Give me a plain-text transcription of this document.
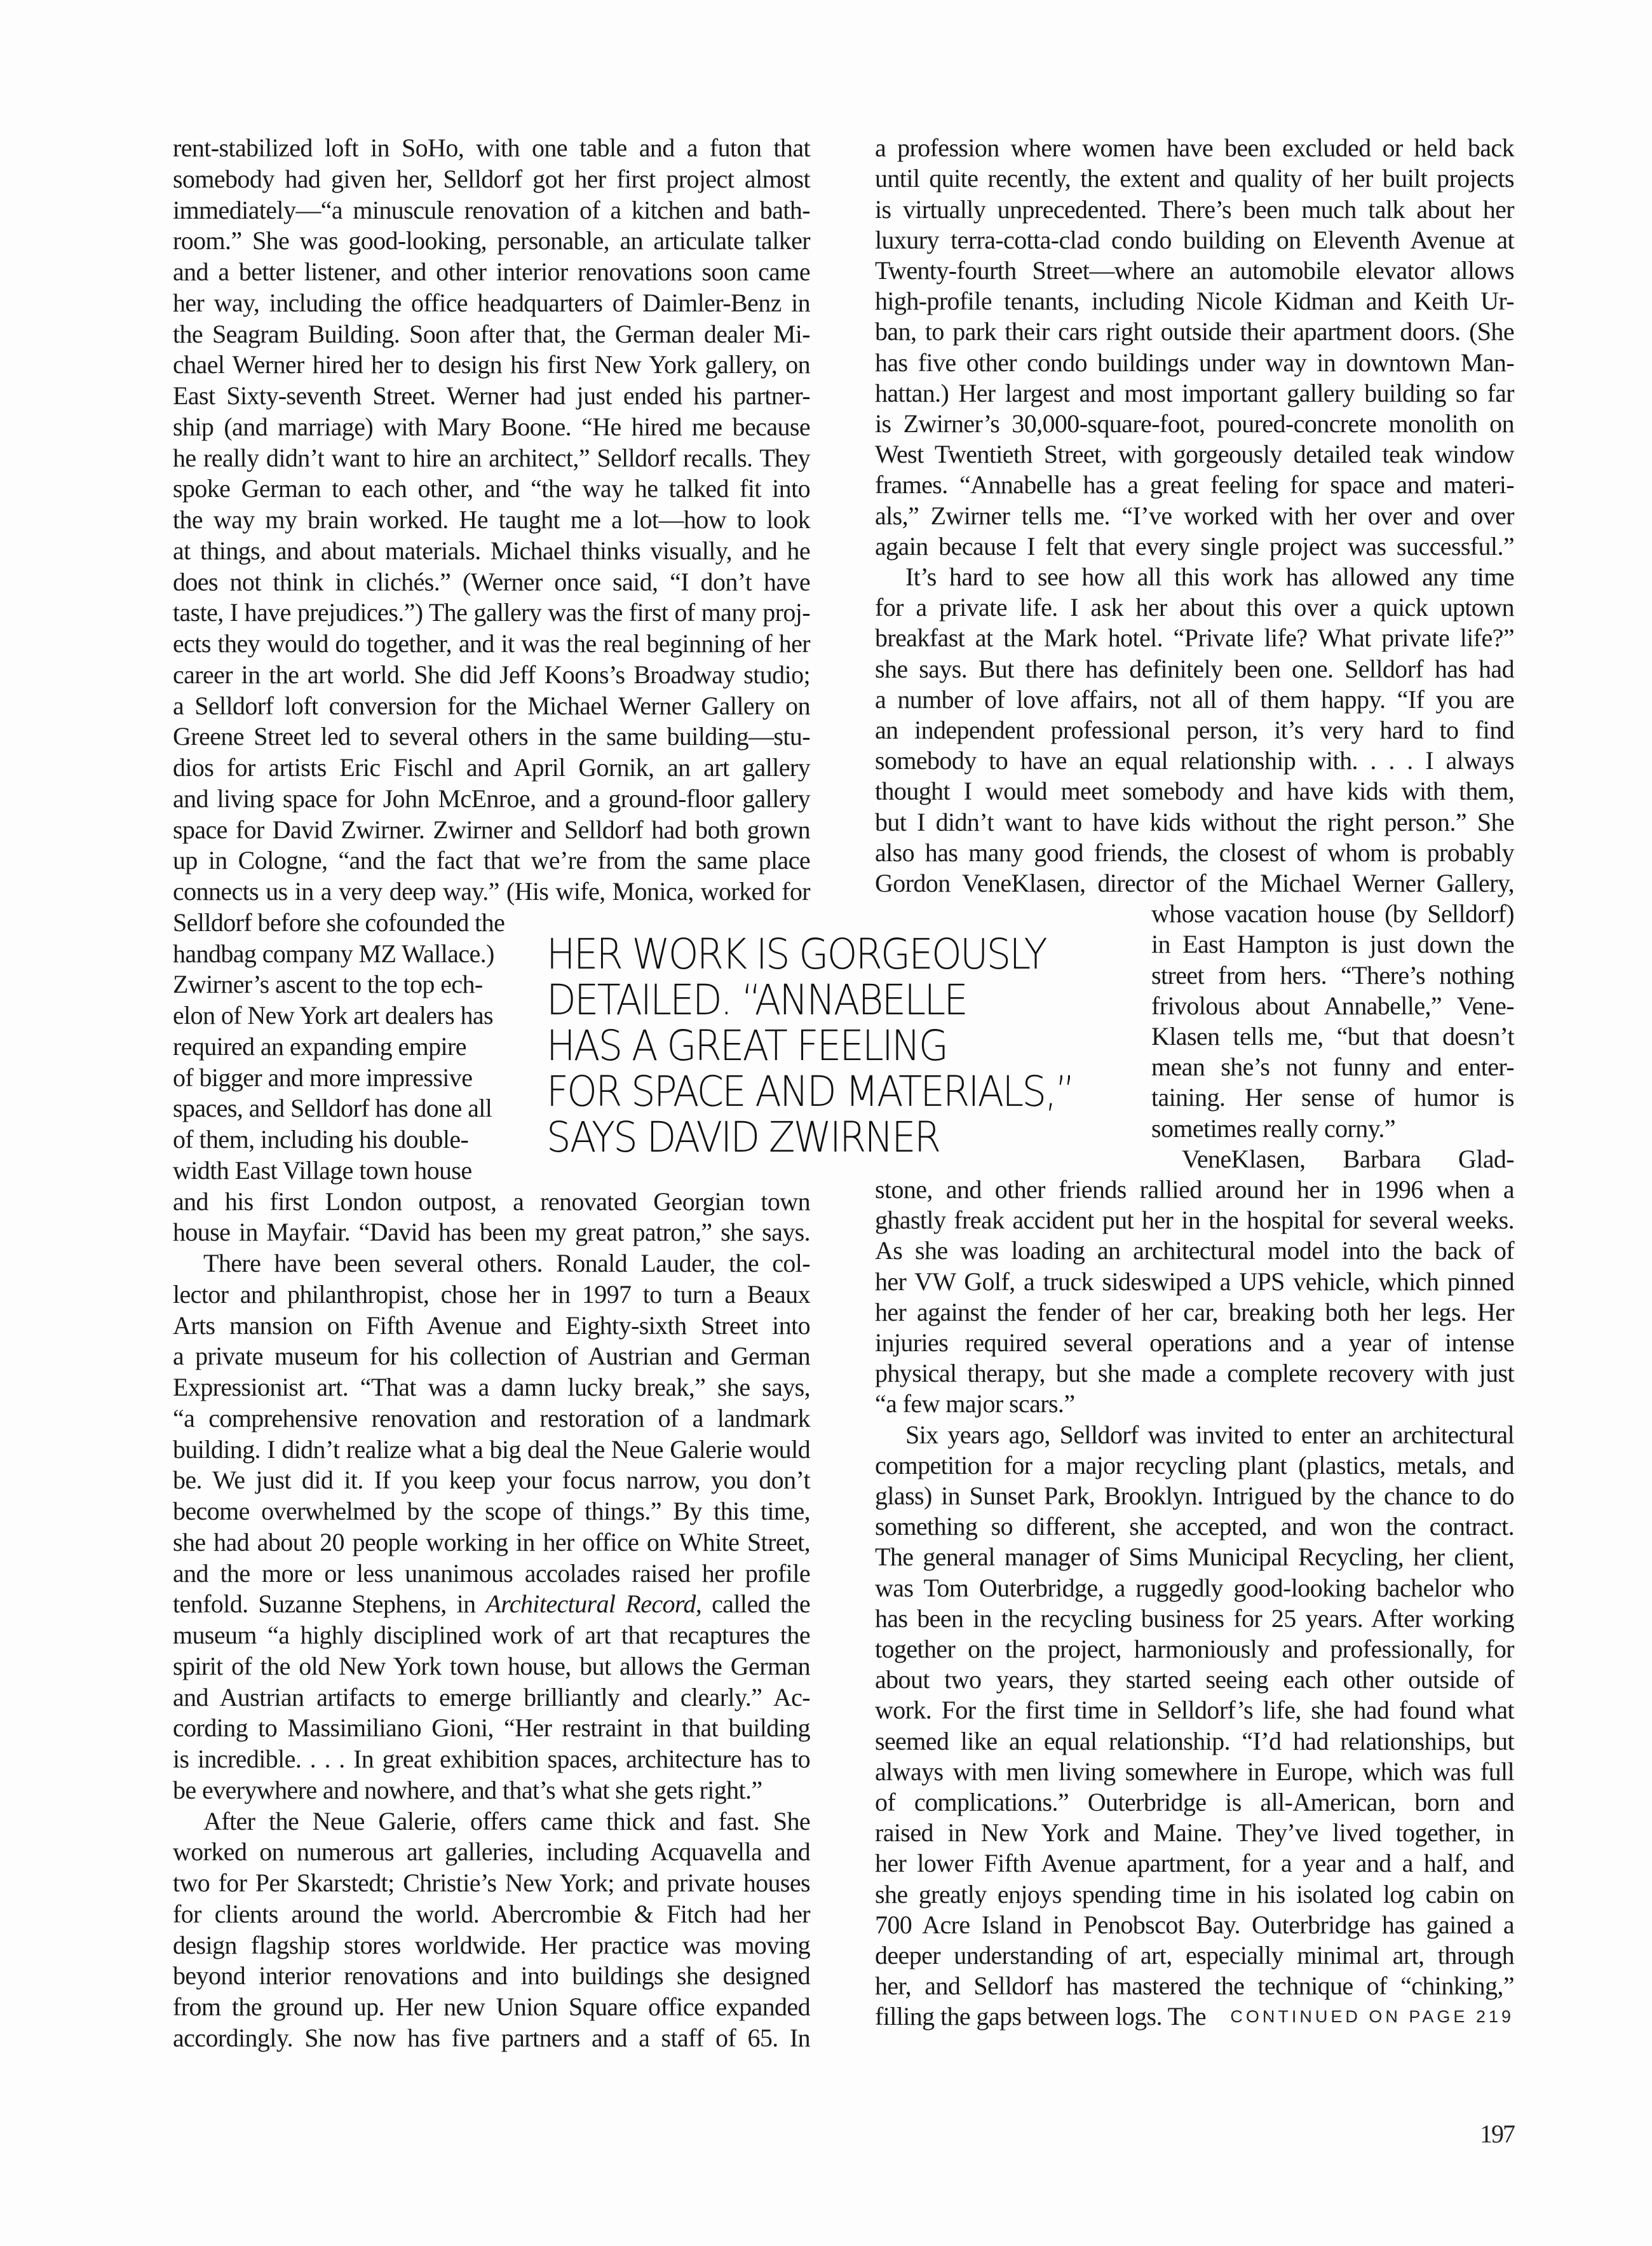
rent-stabilized loft in SoHo, with one table and a futon that
somebody had given her, Selldorf got her first project almost
immediately—“a minuscule renovation of a kitchen and bath-
room.” She was good-looking, personable, an articulate talker
and a better listener, and other interior renovations soon came
her way, including the office headquarters of Daimler-Benz in
the Seagram Building. Soon after that, the German dealer Mi-
chael Werner hired her to design his first New York gallery, on
East Sixty-seventh Street. Werner had just ended his partner-
ship (and marriage) with Mary Boone. “He hired me because
he really didn’t want to hire an architect,” Selldorf recalls. They
spoke German to each other, and “the way he talked fit into
the way my brain worked. He taught me a lot—how to look
at things, and about materials. Michael thinks visually, and he
does not think in clichés.” (Werner once said, “I don’t have
taste, I have prejudices.”) The gallery was the first of many proj-
ects they would do together, and it was the real beginning of her
career in the art world. She did Jeff Koons’s Broadway studio;
a Selldorf loft conversion for the Michael Werner Gallery on
Greene Street led to several others in the same building—stu-
dios for artists Eric Fischl and April Gornik, an art gallery
and living space for John McEnroe, and a ground-floor gallery
space for David Zwirner. Zwirner and Selldorf had both grown
up in Cologne, “and the fact that we’re from the same place
connects us in a very deep way.” (His wife, Monica, worked for
Selldorf before she cofounded the
handbag company MZ Wallace.)
Zwirner’s ascent to the top ech-
elon of New York art dealers has
required an expanding empire
of bigger and more impressive
spaces, and Selldorf has done all
of them, including his double-
width East Village town house
and his first London outpost, a renovated Georgian town
house in Mayfair. “David has been my great patron,” she says.
There have been several others. Ronald Lauder, the col-
lector and philanthropist, chose her in 1997 to turn a Beaux
Arts mansion on Fifth Avenue and Eighty-sixth Street into
a private museum for his collection of Austrian and German
Expressionist art. “That was a damn lucky break,” she says,
“a comprehensive renovation and restoration of a landmark
building. I didn’t realize what a big deal the Neue Galerie would
be. We just did it. If you keep your focus narrow, you don’t
become overwhelmed by the scope of things.” By this time,
she had about 20 people working in her office on White Street,
and the more or less unanimous accolades raised her profile
tenfold. Suzanne Stephens, in Architectural Record, called the
museum “a highly disciplined work of art that recaptures the
spirit of the old New York town house, but allows the German
and Austrian artifacts to emerge brilliantly and clearly.” Ac-
cording to Massimiliano Gioni, “Her restraint in that building
is incredible. . . . In great exhibition spaces, architecture has to
be everywhere and nowhere, and that’s what she gets right.”
After the Neue Galerie, offers came thick and fast. She
worked on numerous art galleries, including Acquavella and
two for Per Skarstedt; Christie’s New York; and private houses
for clients around the world. Abercrombie & Fitch had her
design flagship stores worldwide. Her practice was moving
beyond interior renovations and into buildings she designed
from the ground up. Her new Union Square office expanded
accordingly. She now has five partners and a staff of 65. In
a profession where women have been excluded or held back
until quite recently, the extent and quality of her built projects
is virtually unprecedented. There’s been much talk about her
luxury terra-cotta-clad condo building on Eleventh Avenue at
Twenty-fourth Street—where an automobile elevator allows
high-profile tenants, including Nicole Kidman and Keith Ur-
ban, to park their cars right outside their apartment doors. (She
has five other condo buildings under way in downtown Man-
hattan.) Her largest and most important gallery building so far
is Zwirner’s 30,000-square-foot, poured-concrete monolith on
West Twentieth Street, with gorgeously detailed teak window
frames. “Annabelle has a great feeling for space and materi-
als,” Zwirner tells me. “I’ve worked with her over and over
again because I felt that every single project was successful.”
It’s hard to see how all this work has allowed any time
for a private life. I ask her about this over a quick uptown
breakfast at the Mark hotel. “Private life? What private life?”
she says. But there has definitely been one. Selldorf has had
a number of love affairs, not all of them happy. “If you are
an independent professional person, it’s very hard to find
somebody to have an equal relationship with. . . . I always
thought I would meet somebody and have kids with them,
but I didn’t want to have kids without the right person.” She
also has many good friends, the closest of whom is probably
Gordon VeneKlasen, director of the Michael Werner Gallery,
whose vacation house (by Selldorf)
in East Hampton is just down the
street from hers. “There’s nothing
frivolous about Annabelle,” Vene-
Klasen tells me, “but that doesn’t
mean she’s not funny and enter-
taining. Her sense of humor is
sometimes really corny.”
VeneKlasen, Barbara Glad-
stone, and other friends rallied around her in 1996 when a
ghastly freak accident put her in the hospital for several weeks.
As she was loading an architectural model into the back of
her VW Golf, a truck sideswiped a UPS vehicle, which pinned
her against the fender of her car, breaking both her legs. Her
injuries required several operations and a year of intense
physical therapy, but she made a complete recovery with just
“a few major scars.”
Six years ago, Selldorf was invited to enter an architectural
competition for a major recycling plant (plastics, metals, and
glass) in Sunset Park, Brooklyn. Intrigued by the chance to do
something so different, she accepted, and won the contract.
The general manager of Sims Municipal Recycling, her client,
was Tom Outerbridge, a ruggedly good-looking bachelor who
has been in the recycling business for 25 years. After working
together on the project, harmoniously and professionally, for
about two years, they started seeing each other outside of
work. For the first time in Selldorf’s life, she had found what
seemed like an equal relationship. “I’d had relationships, but
always with men living somewhere in Europe, which was full
of complications.” Outerbridge is all-American, born and
raised in New York and Maine. They’ve lived together, in
her lower Fifth Avenue apartment, for a year and a half, and
she greatly enjoys spending time in his isolated log cabin on
700 Acre Island in Penobscot Bay. Outerbridge has gained a
deeper understanding of art, especially minimal art, through
her, and Selldorf has mastered the technique of “chinking,”
filling the gaps between logs. The
HER WORK IS GORGEOUSLY
DETAILED. “ANNABELLE
HAS A GREAT FEELING
FOR SPACE AND MATERIALS,”
SAYS DAVID ZWIRNER
CONTINUED ON PAGE 219
197
